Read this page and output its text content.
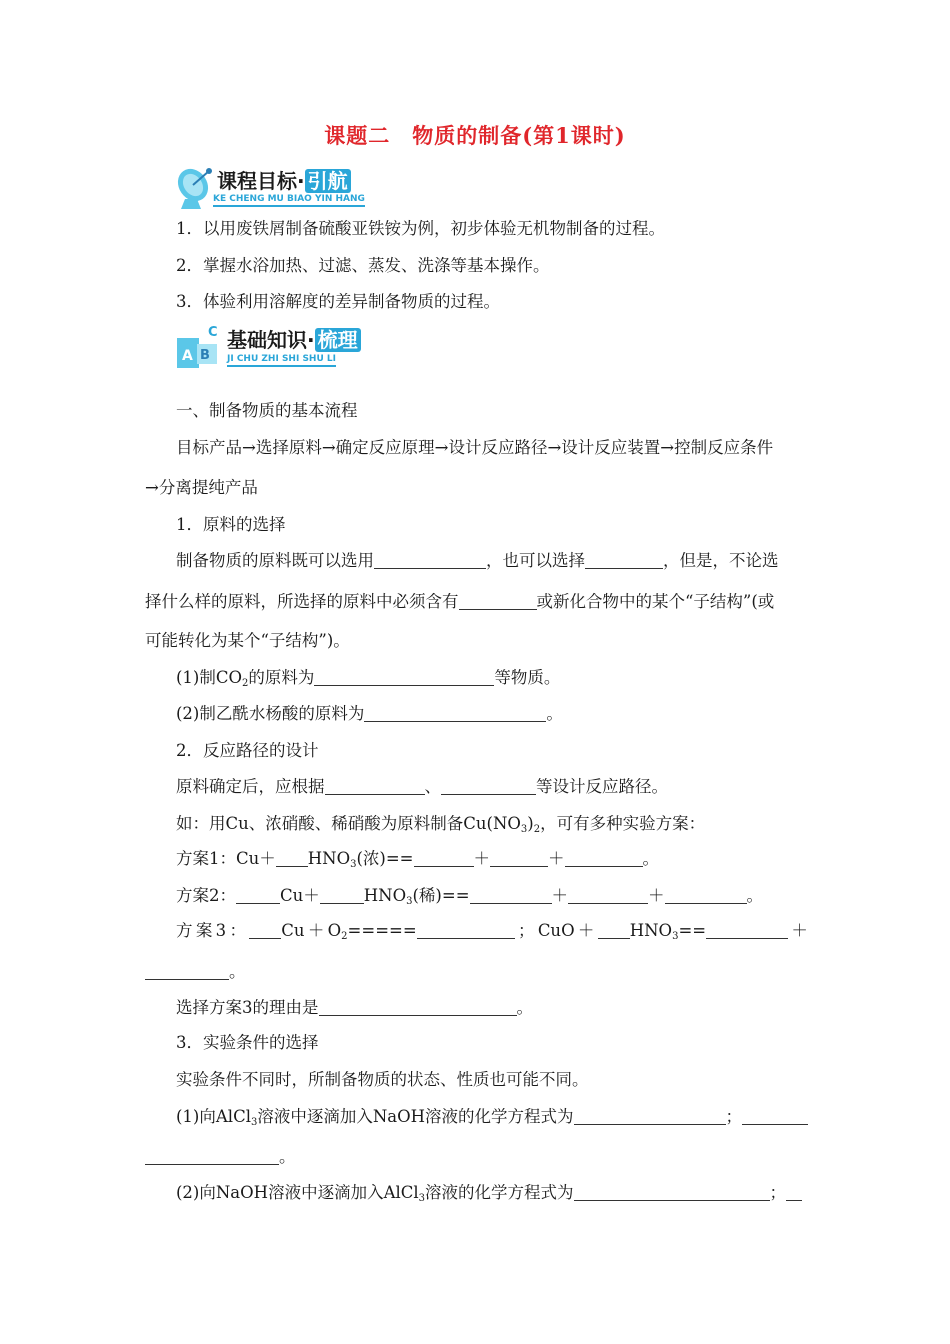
课题二　物质的制备(第1课时)
课程目标· 引航
KE CHENG MU BIAO YIN HANG
1．以用废铁屑制备硫酸亚铁铵为例，初步体验无机物制备的过程。
2．掌握水浴加热、过滤、蒸发、洗涤等基本操作。
3．体验利用溶解度的差异制备物质的过程。
A B
C 基础知识· 梳理
JI CHU ZHI SHI SHU LI
一、制备物质的基本流程
目标产品→选择原料→确定反应原理→设计反应路径→设计反应装置→控制反应条件
→分离提纯产品
1．原料的选择
制备物质的原料既可以选用	，也可以选择	，但是，不论选
择什么样的原料，所选择的原料中必须含有	或新化合物中的某个“子结构”(或
可能转化为某个“子结构”)。
(1)制$CO_2$的原料为	等物质。
(2)制乙酰水杨酸的原料为	。
2．反应路径的设计
原料确定后，应根据	、	等设计反应路径。
如：用Cu、浓硝酸、稀硝酸为原料制备$Cu(NO_3)_2$，可有多种实验方案：
方案1：$Cu+ HNO_3$(浓)==	＋	＋	。
方案2：	Cu＋	$HNO_3$(稀)==	＋	＋	。
方 案 3 ：	$Cu + O_2=====$	； CuO ＋	$HNO_3==$	＋
。
选择方案3的理由是	。
3．实验条件的选择
实验条件不同时，所制备物质的状态、性质也可能不同。
(1)向AlCl$_3$溶液中逐滴加入NaOH溶液的化学方程式为	；
。
(2)向NaOH溶液中逐滴加入AlCl$_3$溶液的化学方程式为	；
